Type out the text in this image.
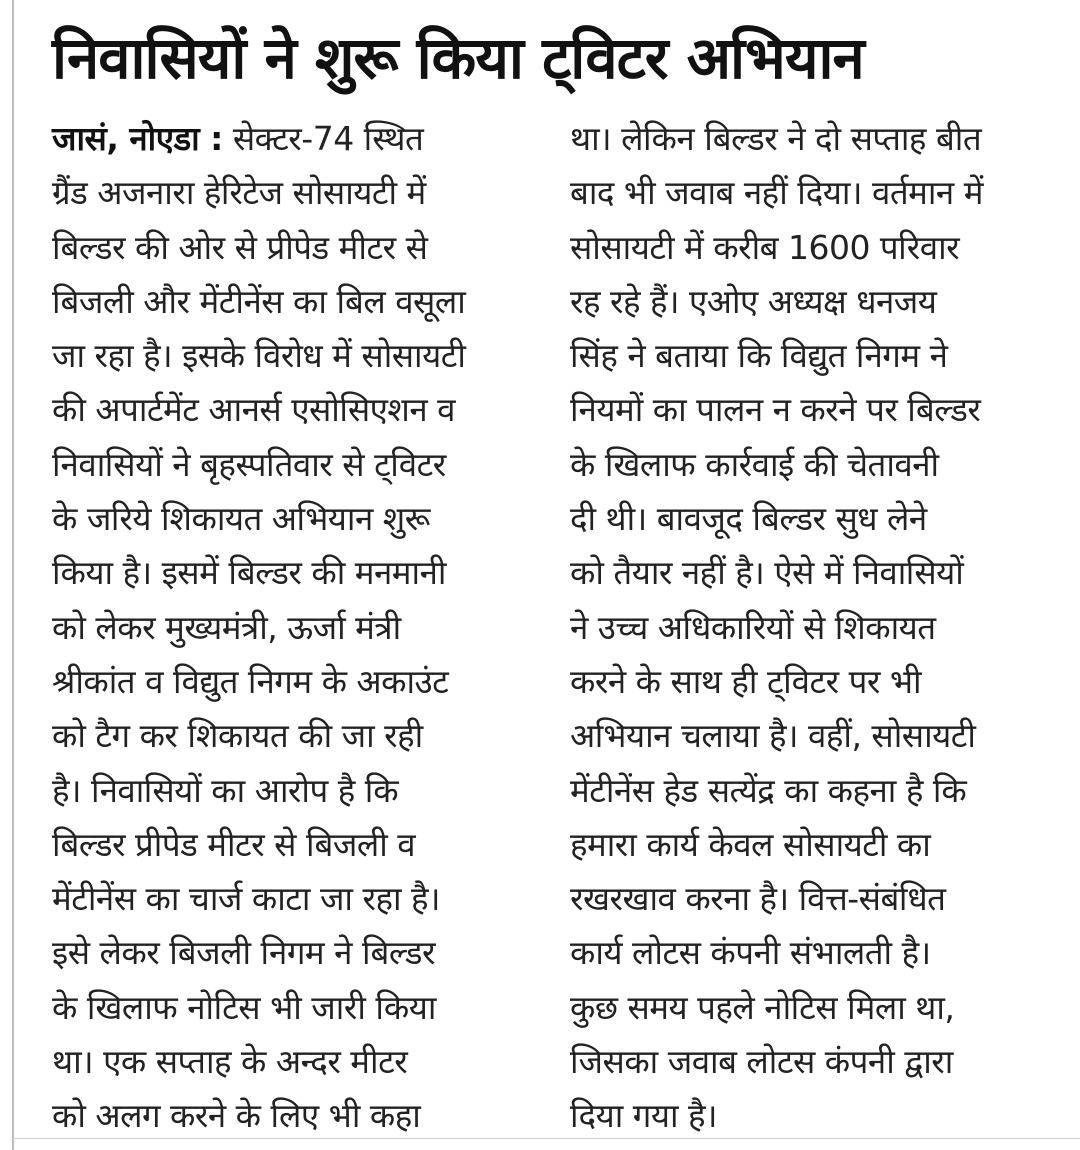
निवासियों ने शुरू किया ट्विटर अभियान
जासं, नोएडा : सेक्टर-74 स्थित
ग्रैंड अजनारा हेरिटेज सोसायटी में
बिल्डर की ओर से प्रीपेड मीटर से
बिजली और मेंटीनेंस का बिल वसूला
जा रहा है। इसके विरोध में सोसायटी
की अपार्टमेंट आनर्स एसोसिएशन व
निवासियों ने बृहस्पतिवार से ट्विटर
के जरिये शिकायत अभियान शुरू
किया है। इसमें बिल्डर की मनमानी
को लेकर मुख्यमंत्री, ऊर्जा मंत्री
श्रीकांत व विद्युत निगम के अकाउंट
को टैग कर शिकायत की जा रही
है। निवासियों का आरोप है कि
बिल्डर प्रीपेड मीटर से बिजली व
मेंटीनेंस का चार्ज काटा जा रहा है।
इसे लेकर बिजली निगम ने बिल्डर
के खिलाफ नोटिस भी जारी किया
था। एक सप्ताह के अन्दर मीटर
को अलग करने के लिए भी कहा
था। लेकिन बिल्डर ने दो सप्ताह बीत
बाद भी जवाब नहीं दिया। वर्तमान में
सोसायटी में करीब 1600 परिवार
रह रहे हैं। एओए अध्यक्ष धनजय
सिंह ने बताया कि विद्युत निगम ने
नियमों का पालन न करने पर बिल्डर
के खिलाफ कार्रवाई की चेतावनी
दी थी। बावजूद बिल्डर सुध लेने
को तैयार नहीं है। ऐसे में निवासियों
ने उच्च अधिकारियों से शिकायत
करने के साथ ही ट्विटर पर भी
अभियान चलाया है। वहीं, सोसायटी
मेंटीनेंस हेड सत्येंद्र का कहना है कि
हमारा कार्य केवल सोसायटी का
रखरखाव करना है। वित्त-संबंधित
कार्य लोटस कंपनी संभालती है।
कुछ समय पहले नोटिस मिला था,
जिसका जवाब लोटस कंपनी द्वारा
दिया गया है।
